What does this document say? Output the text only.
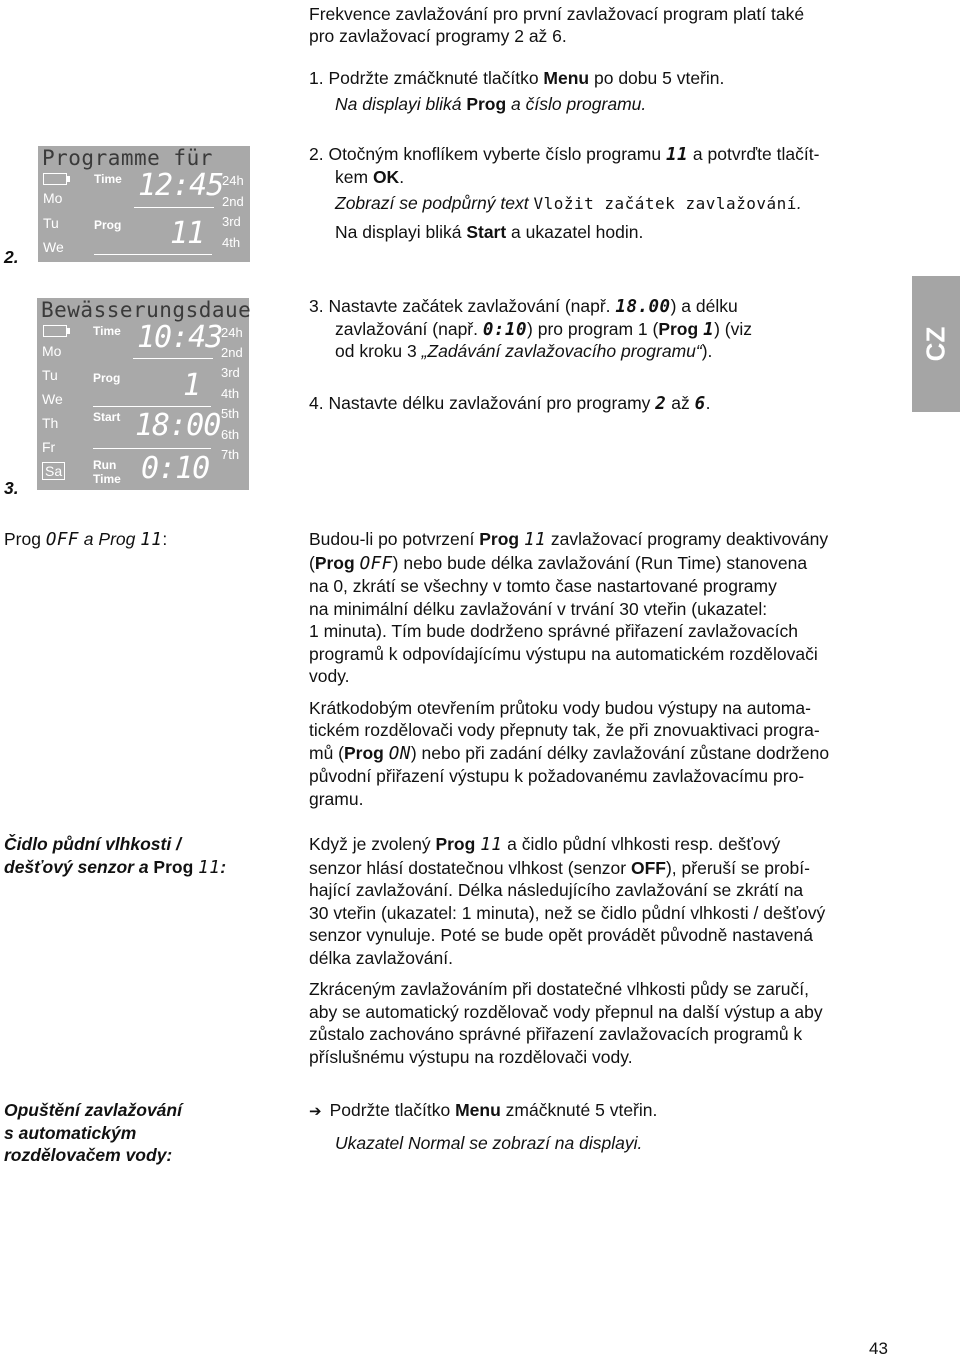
Frekvence zavlažování pro první zavlažovací program platí také
pro zavlažovací programy 2 až 6.
1. Podržte zmáčknuté tlačítko Menu po dobu 5 vteřin.
Na displayi bliká Prog a číslo programu.
2.
Programme für
Mo
Tu
We
Time 12:45
Prog 11
24h
2nd
3rd
4th
2. Otočným knoflíkem vyberte číslo programu 11 a potvrďte tlačít-
kem OK.
Zobrazí se podpůrný text Vložit začátek zavlažování.
Na displayi bliká Start a ukazatel hodin.
Bewässerungsdaue
Mo
Tu
We
Th
Fr
Sa
Time 10:43
Prog 1
Start 18:00
Run
Time 0:10
24h
2nd
3rd
4th
5th
6th
7th
3.
3. Nastavte začátek zavlažování (např. 18.00) a délku
zavlažování (např. 0:10) pro program 1 (Prog 1) (viz
od kroku 3 „Zadávání zavlažovacího programu“).
4. Nastavte délku zavlažování pro programy 2 až 6.
CZ
Prog OFF a Prog 11:	Budou-li po potvrzení Prog 11 zavlažovací programy deaktivovány
(Prog OFF) nebo bude délka zavlažování (Run Time) stanovena
na 0, zkrátí se všechny v tomto čase nastartované programy
na minimální délku zavlažování v trvání 30 vteřin (ukazatel:
1 minuta). Tím bude dodrženo správné přiřazení zavlažovacích
programů k odpovídajícímu výstupu na automatickém rozdělovači
vody.
Krátkodobým otevřením průtoku vody budou výstupy na automa-
tickém rozdělovači vody přepnuty tak, že při znovuaktivaci progra-
mů (Prog ON) nebo při zadání délky zavlažování zůstane dodrženo
původní přiřazení výstupu k požadovanému zavlažovacímu pro-
gramu.
Čidlo půdní vlhkosti /
dešťový senzor a Prog 11:
Když je zvolený Prog 11 a čidlo půdní vlhkosti resp. dešťový
senzor hlásí dostatečnou vlhkost (senzor OFF), přeruší se probí-
hající zavlažování. Délka následujícího zavlažování se zkrátí na
30 vteřin (ukazatel: 1 minuta), než se čidlo půdní vlhkosti / dešťový
senzor vynuluje. Poté se bude opět provádět původně nastavená
délka zavlažování.
Zkráceným zavlažováním při dostatečné vlhkosti půdy se zaručí,
aby se automatický rozdělovač vody přepnul na další výstup a aby
zůstalo zachováno správné přiřazení zavlažovacích programů k
příslušnému výstupu na rozdělovači vody.
Opuštění zavlažování
s automatickým
rozdělovačem vody:
➔ Podržte tlačítko Menu zmáčknuté 5 vteřin.
Ukazatel Normal se zobrazí na displayi.
43
